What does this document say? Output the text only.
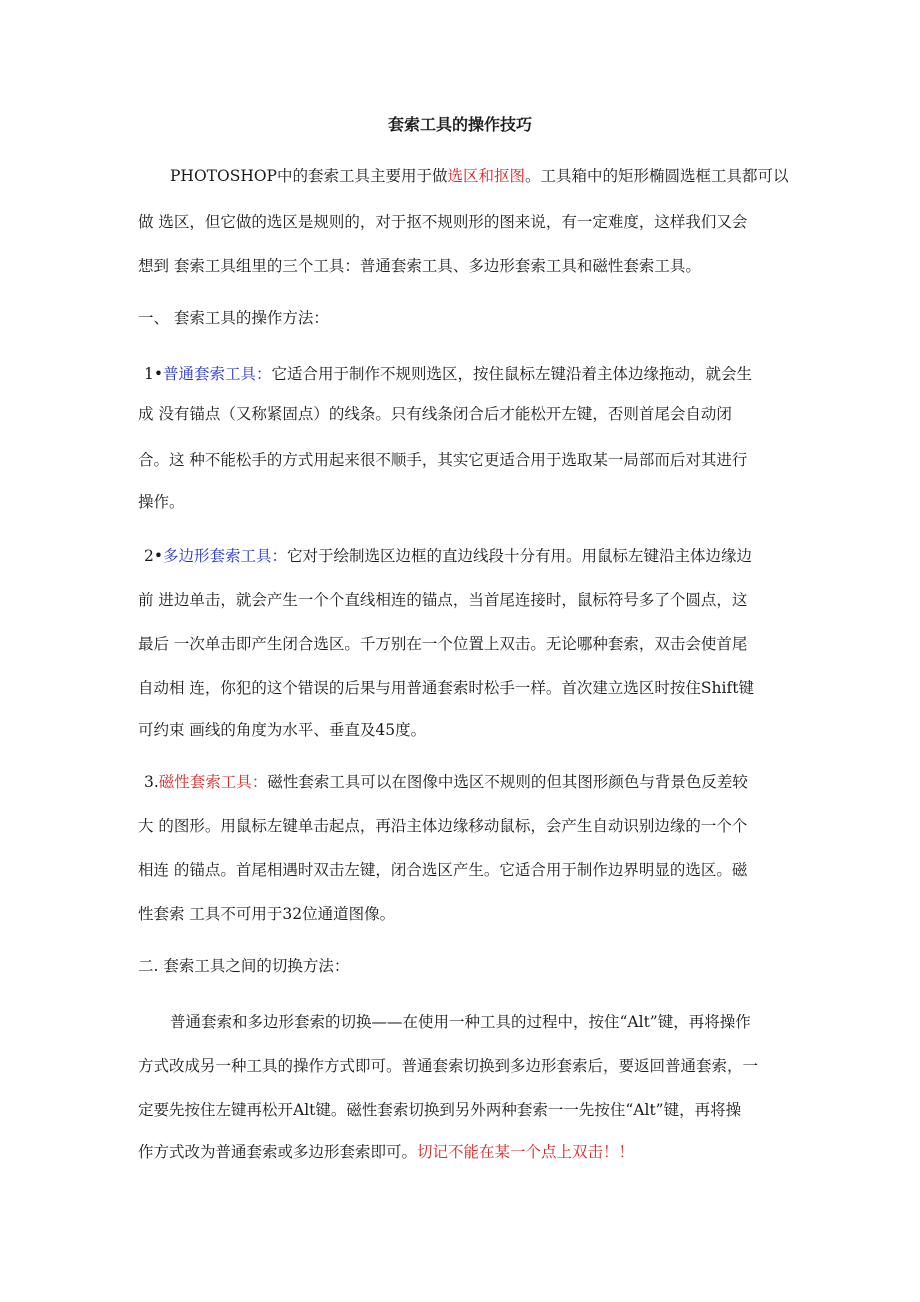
套索工具的操作技巧
PHOTOSHOP中的套索工具主要用于做选区和抠图。工具箱中的矩形椭圆选框工具都可以
做 选区，但它做的选区是规则的，对于抠不规则形的图来说，有一定难度，这样我们又会
想到 套索工具组里的三个工具：普通套索工具、多边形套索工具和磁性套索工具。
一、 套索工具的操作方法：
1•普通套索工具：它适合用于制作不规则选区，按住鼠标左键沿着主体边缘拖动，就会生
成 没有锚点（又称紧固点）的线条。只有线条闭合后才能松开左键，否则首尾会自动闭
合。这 种不能松手的方式用起来很不顺手，其实它更适合用于选取某一局部而后对其进行
操作。
2•多边形套索工具：它对于绘制选区边框的直边线段十分有用。用鼠标左键沿主体边缘边
前 进边单击，就会产生一个个直线相连的锚点，当首尾连接时，鼠标符号多了个圆点，这
最后 一次单击即产生闭合选区。千万别在一个位置上双击。无论哪种套索，双击会使首尾
自动相 连，你犯的这个错误的后果与用普通套索时松手一样。首次建立选区时按住Shift键
可约束 画线的角度为水平、垂直及45度。
3.磁性套索工具：磁性套索工具可以在图像中选区不规则的但其图形颜色与背景色反差较
大 的图形。用鼠标左键单击起点，再沿主体边缘移动鼠标，会产生自动识别边缘的一个个
相连 的锚点。首尾相遇时双击左键，闭合选区产生。它适合用于制作边界明显的选区。磁
性套索 工具不可用于32位通道图像。
二. 套索工具之间的切换方法：
普通套索和多边形套索的切换——在使用一种工具的过程中，按住“Alt”键，再将操作
方式改成另一种工具的操作方式即可。普通套索切换到多边形套索后，要返回普通套索，一
定要先按住左键再松开Alt键。磁性套索切换到另外两种套索一一先按住“Alt”键，再将操
作方式改为普通套索或多边形套索即可。切记不能在某一个点上双击！！
